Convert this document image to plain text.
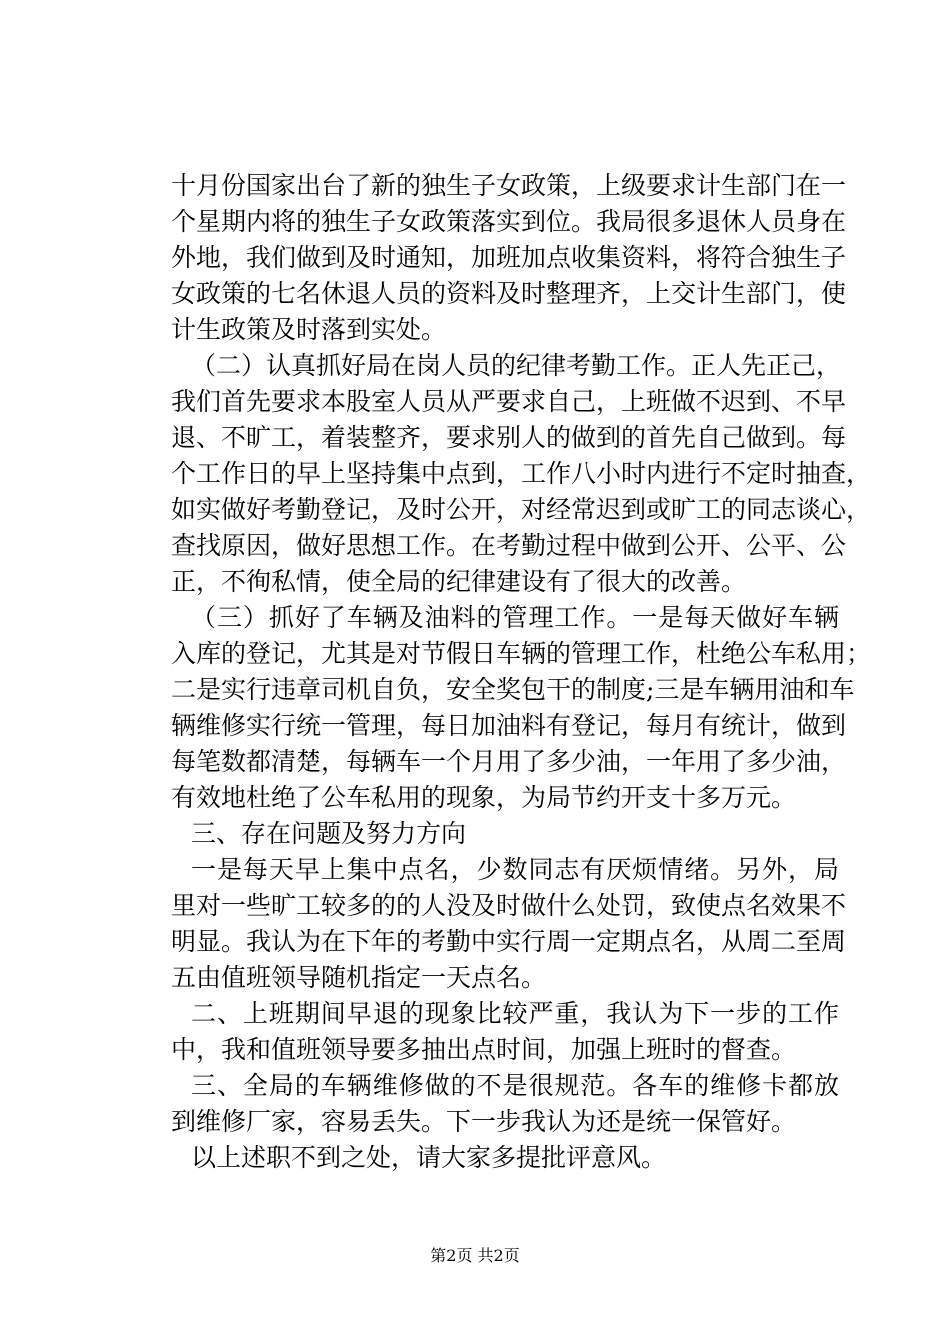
十月份国家出台了新的独生子女政策，上级要求计生部门在一
个星期内将的独生子女政策落实到位。我局很多退休人员身在
外地，我们做到及时通知，加班加点收集资料，将符合独生子
女政策的七名休退人员的资料及时整理齐，上交计生部门，使
计生政策及时落到实处。
（二）认真抓好局在岗人员的纪律考勤工作。正人先正己，
我们首先要求本股室人员从严要求自己，上班做不迟到、不早
退、不旷工，着装整齐，要求别人的做到的首先自己做到。每
个工作日的早上坚持集中点到，工作八小时内进行不定时抽查，
如实做好考勤登记，及时公开，对经常迟到或旷工的同志谈心，
查找原因，做好思想工作。在考勤过程中做到公开、公平、公
正，不徇私情，使全局的纪律建设有了很大的改善。
（三）抓好了车辆及油料的管理工作。一是每天做好车辆
入库的登记，尤其是对节假日车辆的管理工作，杜绝公车私用；
二是实行违章司机自负，安全奖包干的制度;三是车辆用油和车
辆维修实行统一管理，每日加油料有登记，每月有统计，做到
每笔数都清楚，每辆车一个月用了多少油，一年用了多少油，
有效地杜绝了公车私用的现象，为局节约开支十多万元。
三、存在问题及努力方向
一是每天早上集中点名，少数同志有厌烦情绪。另外，局
里对一些旷工较多的的人没及时做什么处罚，致使点名效果不
明显。我认为在下年的考勤中实行周一定期点名，从周二至周
五由值班领导随机指定一天点名。
二、上班期间早退的现象比较严重，我认为下一步的工作
中，我和值班领导要多抽出点时间，加强上班时的督查。
三、全局的车辆维修做的不是很规范。各车的维修卡都放
到维修厂家，容易丢失。下一步我认为还是统一保管好。
以上述职不到之处，请大家多提批评意风。
第2页 共2页
